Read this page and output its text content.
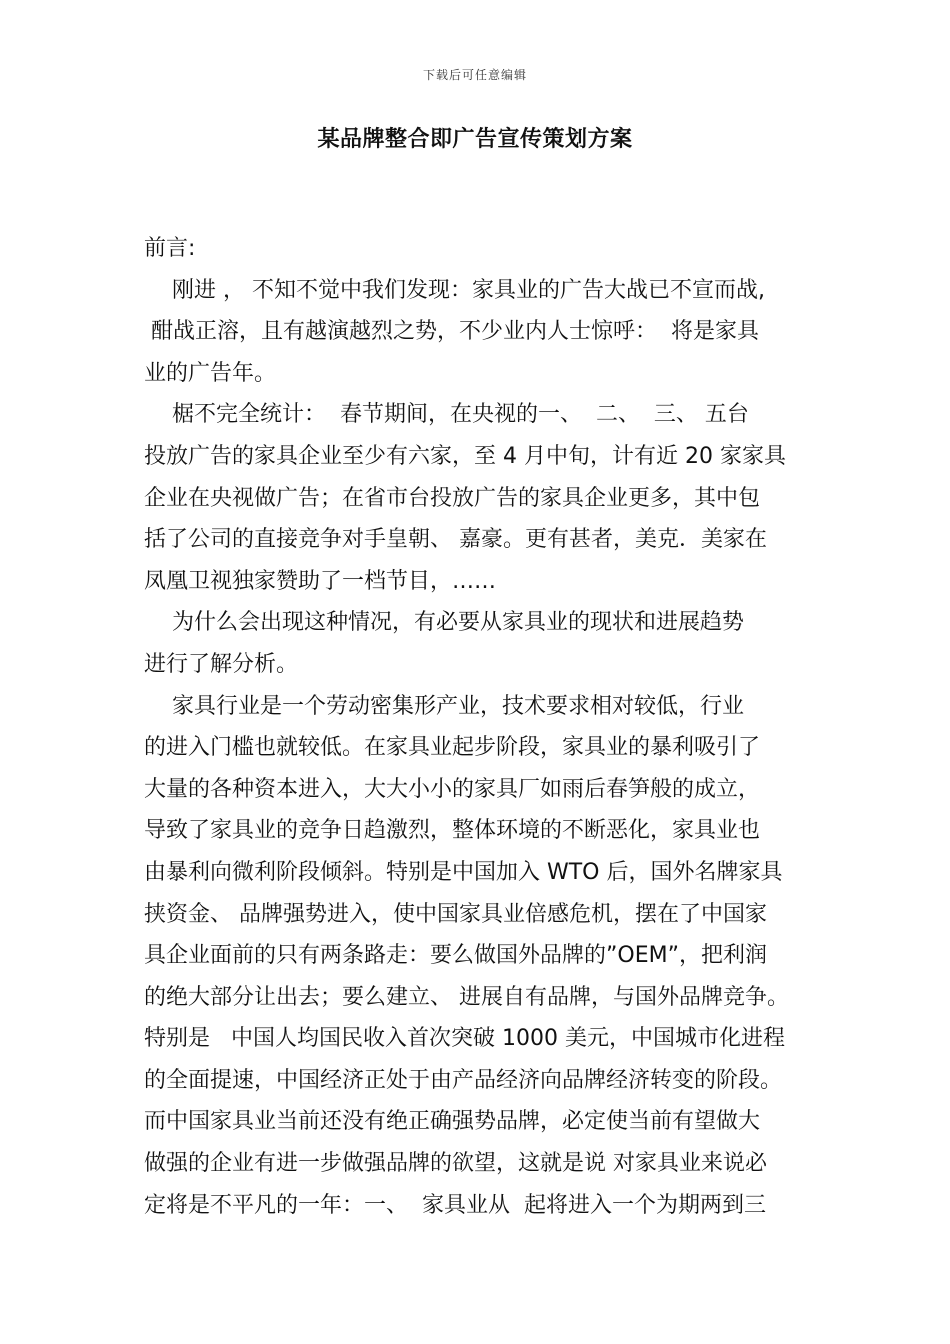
下载后可任意编辑
某品牌整合即广告宣传策划方案
前言:
刚进 ， 不知不觉中我们发现：家具业的广告大战已不宣而战,
酣战正溶，且有越演越烈之势，不少业内人士惊呼：  将是家具
业的广告年。
椐不完全统计：  春节期间，在央视的一、  二、  三、 五台
投放广告的家具企业至少有六家，至 4 月中旬，计有近 20 家家具
企业在央视做广告；在省市台投放广告的家具企业更多，其中包
括了公司的直接竞争对手皇朝、 嘉豪。更有甚者，美克．美家在
凤凰卫视独家赞助了一档节目，……
为什么会出现这种情况，有必要从家具业的现状和进展趋势
进行了解分析。
家具行业是一个劳动密集形产业，技术要求相对较低，行业
的进入门槛也就较低。在家具业起步阶段，家具业的暴利吸引了
大量的各种资本进入，大大小小的家具厂如雨后春笋般的成立，
导致了家具业的竞争日趋激烈，整体环境的不断恶化，家具业也
由暴利向微利阶段倾斜。特别是中国加入 WTO 后，国外名牌家具
挟资金、 品牌强势进入，使中国家具业倍感危机，摆在了中国家
具企业面前的只有两条路走：要么做国外品牌的”OEM”，把利润
的绝大部分让出去；要么建立、 进展自有品牌，与国外品牌竞争。
特别是   中国人均国民收入首次突破 1000 美元，中国城市化进程
的全面提速，中国经济正处于由产品经济向品牌经济转变的阶段。
而中国家具业当前还没有绝正确强势品牌，必定使当前有望做大
做强的企业有进一步做强品牌的欲望，这就是说 对家具业来说必
定将是不平凡的一年：一、  家具业从  起将进入一个为期两到三
